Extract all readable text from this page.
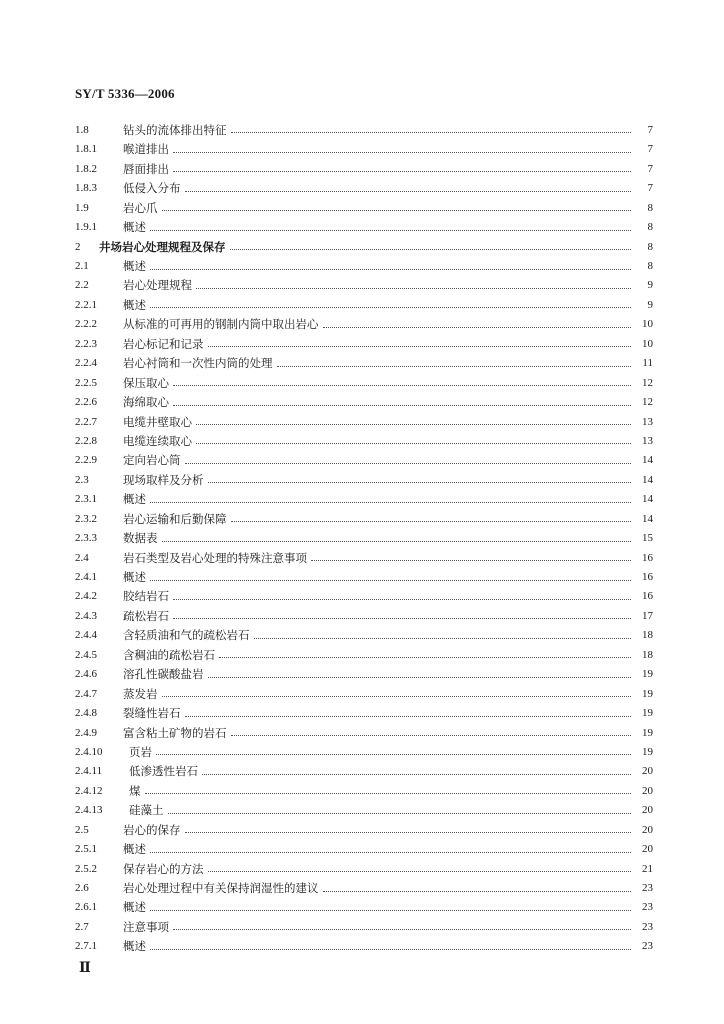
SY/T 5336—2006
1.8	钻头的流体排出特征	7
1.8.1	喉道排出	7
1.8.2	唇面排出	7
1.8.3	低侵入分布	7
1.9	岩心爪	8
1.9.1	概述	8
2	井场岩心处理规程及保存	8
2.1	概述	8
2.2	岩心处理规程	9
2.2.1	概述	9
2.2.2	从标准的可再用的钢制内筒中取出岩心	10
2.2.3	岩心标记和记录	10
2.2.4	岩心衬筒和一次性内筒的处理	11
2.2.5	保压取心	12
2.2.6	海绵取心	12
2.2.7	电缆井壁取心	13
2.2.8	电缆连续取心	13
2.2.9	定向岩心筒	14
2.3	现场取样及分析	14
2.3.1	概述	14
2.3.2	岩心运输和后勤保障	14
2.3.3	数据表	15
2.4	岩石类型及岩心处理的特殊注意事项	16
2.4.1	概述	16
2.4.2	胶结岩石	16
2.4.3	疏松岩石	17
2.4.4	含轻质油和气的疏松岩石	18
2.4.5	含稠油的疏松岩石	18
2.4.6	溶孔性碳酸盐岩	19
2.4.7	蒸发岩	19
2.4.8	裂缝性岩石	19
2.4.9	富含粘土矿物的岩石	19
2.4.10	页岩	19
2.4.11	低渗透性岩石	20
2.4.12	煤	20
2.4.13	硅藻土	20
2.5	岩心的保存	20
2.5.1	概述	20
2.5.2	保存岩心的方法	21
2.6	岩心处理过程中有关保持润湿性的建议	23
2.6.1	概述	23
2.7	注意事项	23
2.7.1	概述	23
Ⅱ
